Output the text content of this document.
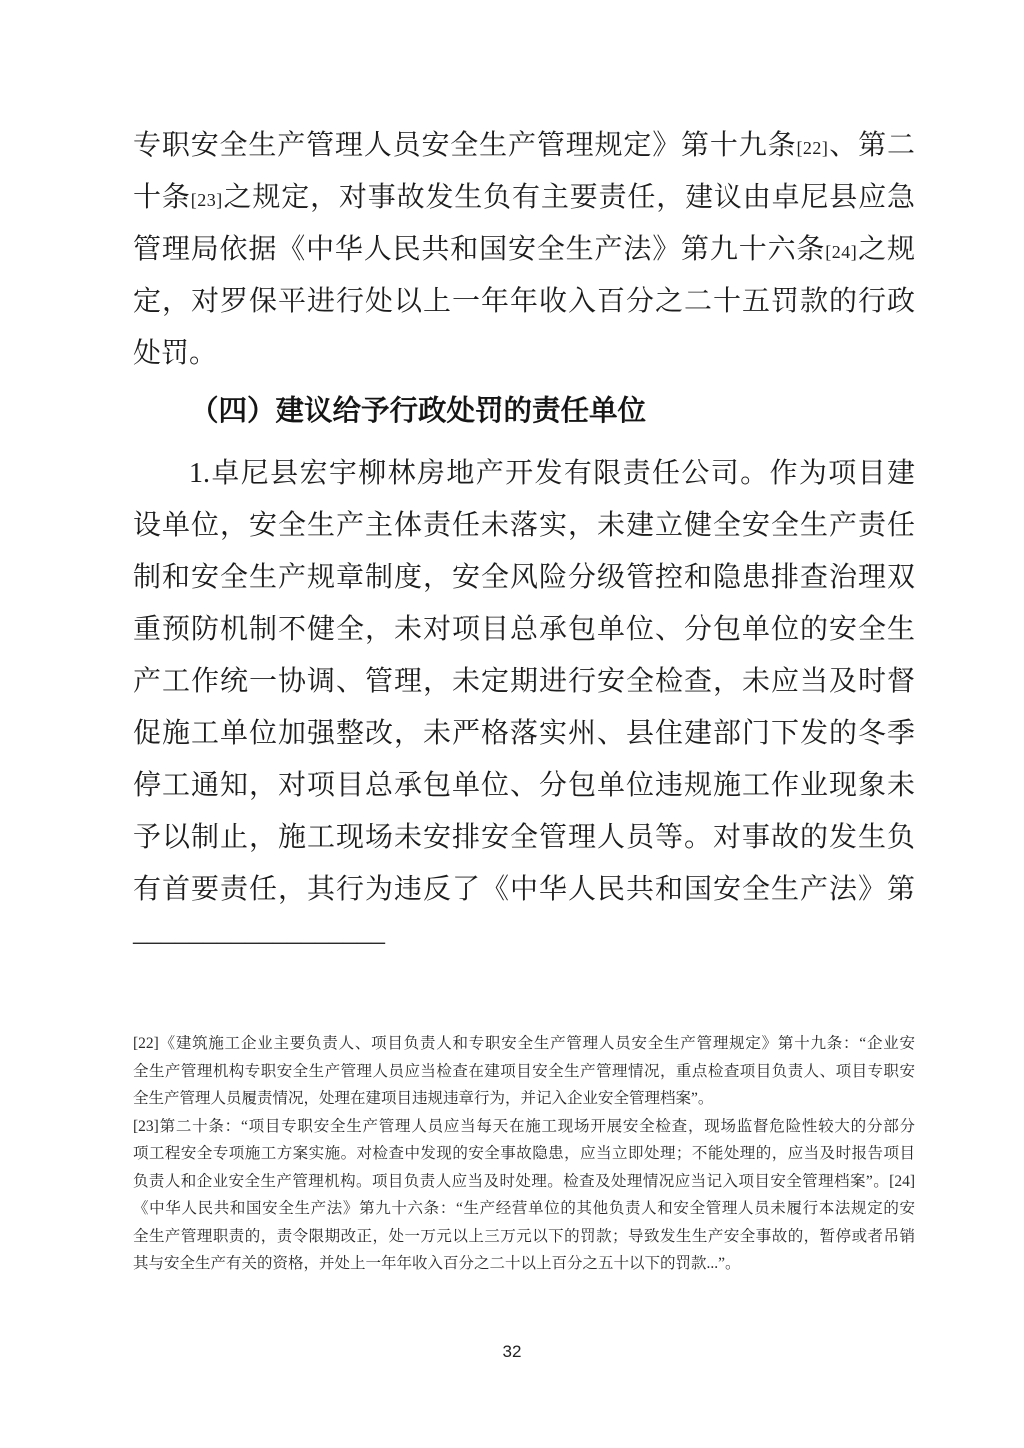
专职安全生产管理人员安全生产管理规定》第十九条[22]、第二
十条[23]之规定，对事故发生负有主要责任，建议由卓尼县应急
管理局依据《中华人民共和国安全生产法》第九十六条[24]之规
定，对罗保平进行处以上一年年收入百分之二十五罚款的行政
处罚。
（四）建议给予行政处罚的责任单位
1.卓尼县宏宇柳林房地产开发有限责任公司。作为项目建
设单位，安全生产主体责任未落实，未建立健全安全生产责任
制和安全生产规章制度，安全风险分级管控和隐患排查治理双
重预防机制不健全，未对项目总承包单位、分包单位的安全生
产工作统一协调、管理，未定期进行安全检查，未应当及时督
促施工单位加强整改，未严格落实州、县住建部门下发的冬季
停工通知，对项目总承包单位、分包单位违规施工作业现象未
予以制止，施工现场未安排安全管理人员等。对事故的发生负
有首要责任，其行为违反了《中华人民共和国安全生产法》第
––––––––––––––––––
[22]《建筑施工企业主要负责人、项目负责人和专职安全生产管理人员安全生产管理规定》第十九条：“企业安
全生产管理机构专职安全生产管理人员应当检查在建项目安全生产管理情况，重点检查项目负责人、项目专职安
全生产管理人员履责情况，处理在建项目违规违章行为，并记入企业安全管理档案”。
[23]第二十条：“项目专职安全生产管理人员应当每天在施工现场开展安全检查，现场监督危险性较大的分部分
项工程安全专项施工方案实施。对检查中发现的安全事故隐患，应当立即处理；不能处理的，应当及时报告项目
负责人和企业安全生产管理机构。项目负责人应当及时处理。检查及处理情况应当记入项目安全管理档案”。[24]
《中华人民共和国安全生产法》第九十六条：“生产经营单位的其他负责人和安全管理人员未履行本法规定的安
全生产管理职责的，责令限期改正，处一万元以上三万元以下的罚款；导致发生生产安全事故的，暂停或者吊销
其与安全生产有关的资格，并处上一年年收入百分之二十以上百分之五十以下的罚款...”。
32
